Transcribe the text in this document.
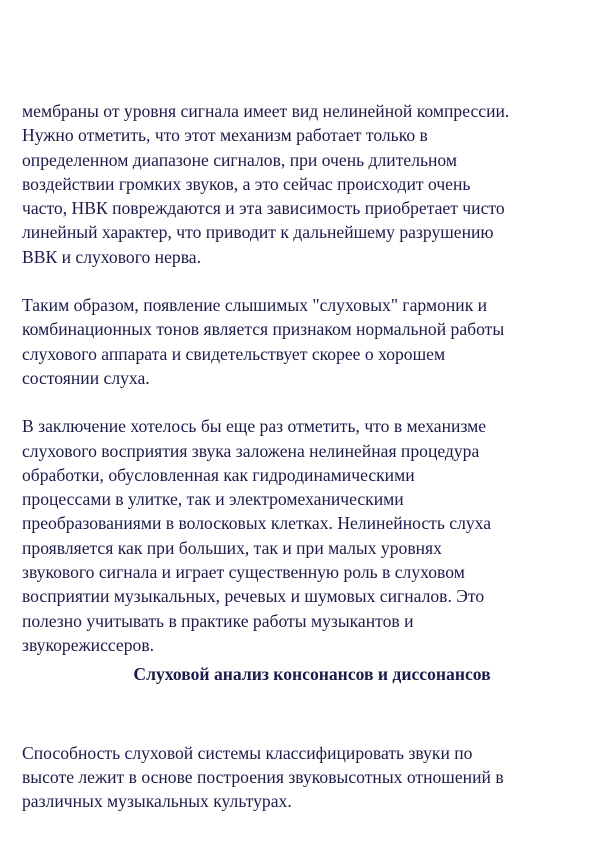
мембраны от уровня сигнала имеет вид нелинейной компрессии.
Нужно отметить, что этот механизм работает только в
определенном диапазоне сигналов, при очень длительном
воздействии громких звуков, а это сейчас происходит очень
часто, НВК повреждаются и эта зависимость приобретает чисто
линейный характер, что приводит к дальнейшему разрушению
ВВК и слухового нерва.

Таким образом, появление слышимых "слуховых" гармоник и
комбинационных тонов является признаком нормальной работы
слухового аппарата и свидетельствует скорее о хорошем
состоянии слуха.

В заключение хотелось бы еще раз отметить, что в механизме
слухового восприятия звука заложена нелинейная процедура
обработки, обусловленная как гидродинамическими
процессами в улитке, так и электромеханическими
преобразованиями в волосковых клетках. Нелинейность слуха
проявляется как при больших, так и при малых уровнях
звукового сигнала и играет существенную роль в слуховом
восприятии музыкальных, речевых и шумовых сигналов. Это
полезно учитывать в практике работы музыкантов и
звукорежиссеров.

Слуховой анализ консонансов и диссонансов

Способность слуховой системы классифицировать звуки по
высоте лежит в основе построения звуковысотных отношений в
различных музыкальных культурах.
